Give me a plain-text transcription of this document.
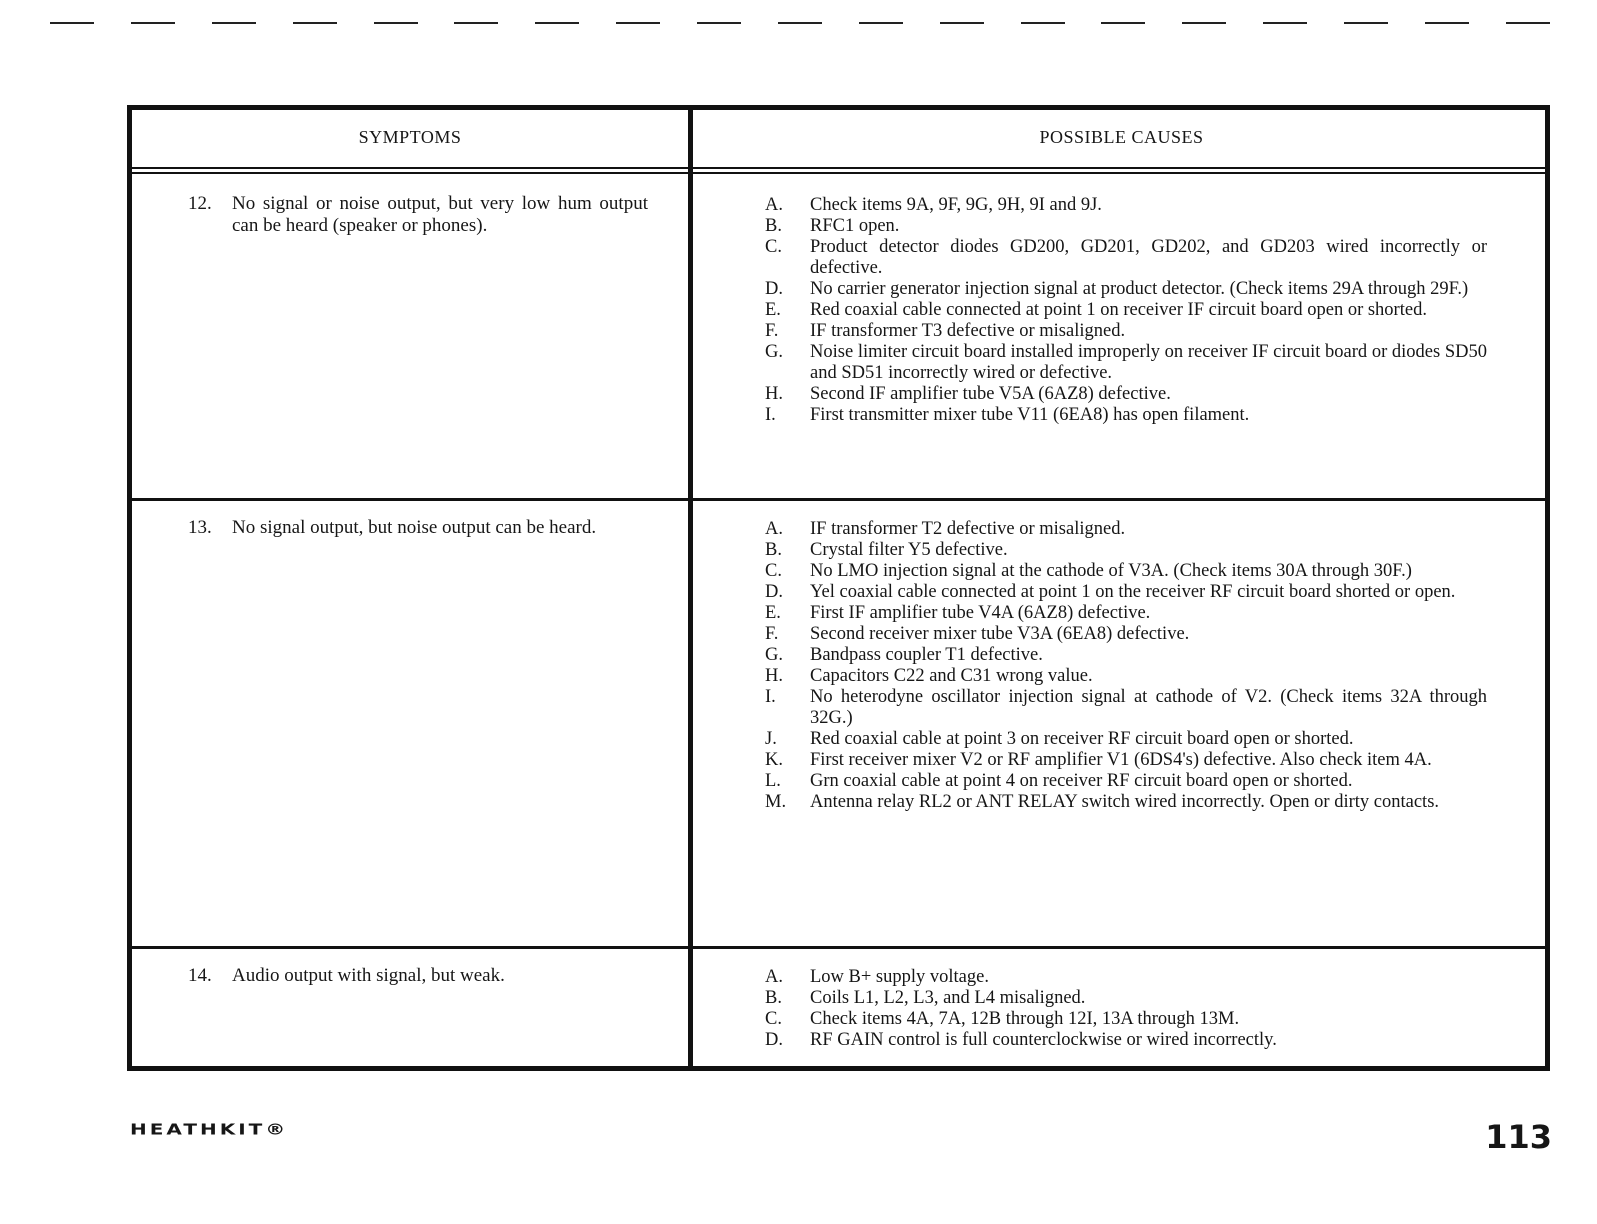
SYMPTOMS	POSSIBLE CAUSES
12. No signal or noise output, but very low hum output can be heard (speaker or phones).
A. Check items 9A, 9F, 9G, 9H, 9I and 9J.
B. RFC1 open.
C. Product detector diodes GD200, GD201, GD202, and GD203 wired incorrectly or defective.
D. No carrier generator injection signal at product detector. (Check items 29A through 29F.)
E. Red coaxial cable connected at point 1 on receiver IF circuit board open or shorted.
F. IF transformer T3 defective or misaligned.
G. Noise limiter circuit board installed improperly on receiver IF circuit board or diodes SD50 and SD51 incorrectly wired or defective.
H. Second IF amplifier tube V5A (6AZ8) defective.
I. First transmitter mixer tube V11 (6EA8) has open filament.
13. No signal output, but noise output can be heard.	A. IF transformer T2 defective or misaligned.
B. Crystal filter Y5 defective.
C. No LMO injection signal at the cathode of V3A. (Check items 30A through 30F.)
D. Yel coaxial cable connected at point 1 on the receiver RF circuit board shorted or open.
E. First IF amplifier tube V4A (6AZ8) defective.
F. Second receiver mixer tube V3A (6EA8) defective.
G. Bandpass coupler T1 defective.
H. Capacitors C22 and C31 wrong value.
I. No heterodyne oscillator injection signal at cathode of V2. (Check items 32A through 32G.)
J. Red coaxial cable at point 3 on receiver RF circuit board open or shorted.
K. First receiver mixer V2 or RF amplifier V1 (6DS4's) defective. Also check item 4A.
L. Grn coaxial cable at point 4 on receiver RF circuit board open or shorted.
M. Antenna relay RL2 or ANT RELAY switch wired incorrectly. Open or dirty contacts.
14. Audio output with signal, but weak.	A. Low B+ supply voltage.
B. Coils L1, L2, L3, and L4 misaligned.
C. Check items 4A, 7A, 12B through 12I, 13A through 13M.
D. RF GAIN control is full counterclockwise or wired incorrectly.
HEATHKIT®	113
